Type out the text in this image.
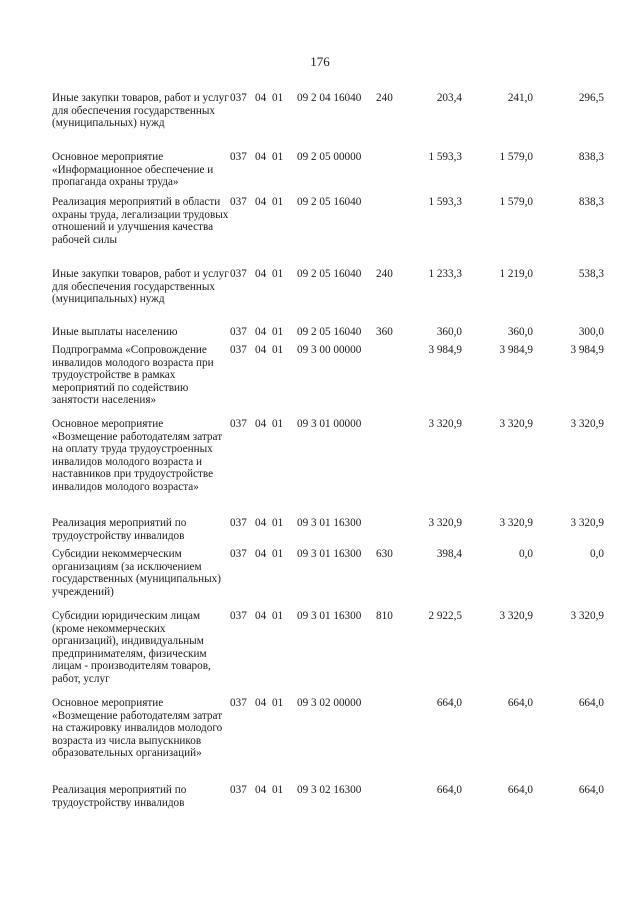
176
Иные закупки товаров, работ и услуг для обеспечения государственных (муниципальных) нужд
037 04 01 09 2 04 16040 240	203,4	241,0	296,5
Основное мероприятие «Информационное обеспечение и пропаганда охраны труда»
037 04 01 09 2 05 00000	1 593,3	1 579,0	838,3
Реализация мероприятий в области охраны труда, легализации трудовых отношений и улучшения качества рабочей силы
037 04 01 09 2 05 16040	1 593,3	1 579,0	838,3
Иные закупки товаров, работ и услуг для обеспечения государственных (муниципальных) нужд
037 04 01 09 2 05 16040 240	1 233,3	1 219,0	538,3
Иные выплаты населению	037 04 01 09 2 05 16040 360	360,0	360,0	300,0
Подпрограмма «Сопровождение инвалидов молодого возраста при трудоустройстве в рамках мероприятий по содействию занятости населения»
037 04 01 09 3 00 00000	3 984,9	3 984,9	3 984,9
Основное мероприятие «Возмещение работодателям затрат на оплату труда трудоустроенных инвалидов молодого возраста и наставников при трудоустройстве инвалидов молодого возраста»
037 04 01 09 3 01 00000	3 320,9	3 320,9	3 320,9
Реализация мероприятий по трудоустройству инвалидов
037 04 01 09 3 01 16300	3 320,9	3 320,9	3 320,9
Субсидии некоммерческим организациям (за исключением государственных (муниципальных) учреждений)
037 04 01 09 3 01 16300 630	398,4	0,0	0,0
Субсидии юридическим лицам (кроме некоммерческих организаций), индивидуальным предпринимателям, физическим лицам - производителям товаров, работ, услуг
037 04 01 09 3 01 16300 810	2 922,5	3 320,9	3 320,9
Основное мероприятие «Возмещение работодателям затрат на стажировку инвалидов молодого возраста из числа выпускников образовательных организаций»
037 04 01 09 3 02 00000	664,0	664,0	664,0
Реализация мероприятий по трудоустройству инвалидов
037 04 01 09 3 02 16300	664,0	664,0	664,0
